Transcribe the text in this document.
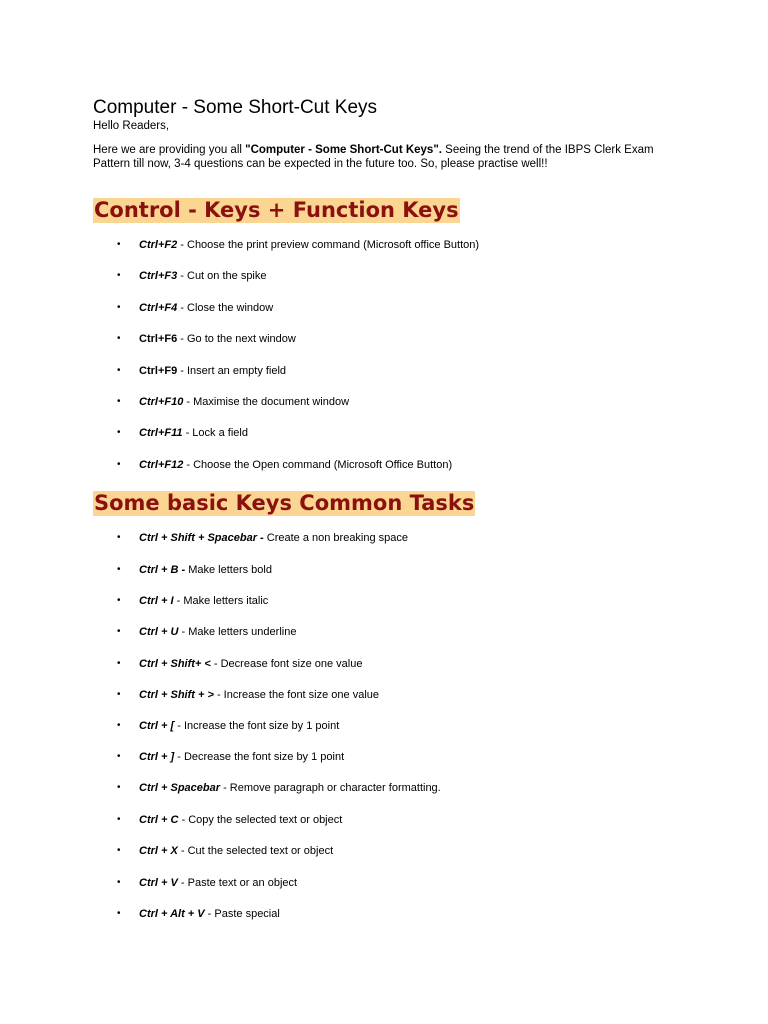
Computer - Some Short-Cut Keys

Hello Readers,

Here we are providing you all "Computer - Some Short-Cut Keys". Seeing the trend of the IBPS Clerk Exam
Pattern till now, 3-4 questions can be expected in the future too. So, please practise well!!

Control - Keys + Function Keys
• Ctrl+F2 - Choose the print preview command (Microsoft office Button)
• Ctrl+F3 - Cut on the spike
• Ctrl+F4 - Close the window
• Ctrl+F6 - Go to the next window
• Ctrl+F9 - Insert an empty field
• Ctrl+F10 - Maximise the document window
• Ctrl+F11 - Lock a field
• Ctrl+F12 - Choose the Open command (Microsoft Office Button)
Some basic Keys Common Tasks
• Ctrl + Shift + Spacebar - Create a non breaking space
• Ctrl + B - Make letters bold
• Ctrl + I - Make letters italic
• Ctrl + U - Make letters underline
• Ctrl + Shift+ < - Decrease font size one value
• Ctrl + Shift + > - Increase the font size one value
• Ctrl + [ - Increase the font size by 1 point
• Ctrl + ] - Decrease the font size by 1 point
• Ctrl + Spacebar - Remove paragraph or character formatting.
• Ctrl + C - Copy the selected text or object
• Ctrl + X - Cut the selected text or object
• Ctrl + V - Paste text or an object
• Ctrl + Alt + V - Paste special
